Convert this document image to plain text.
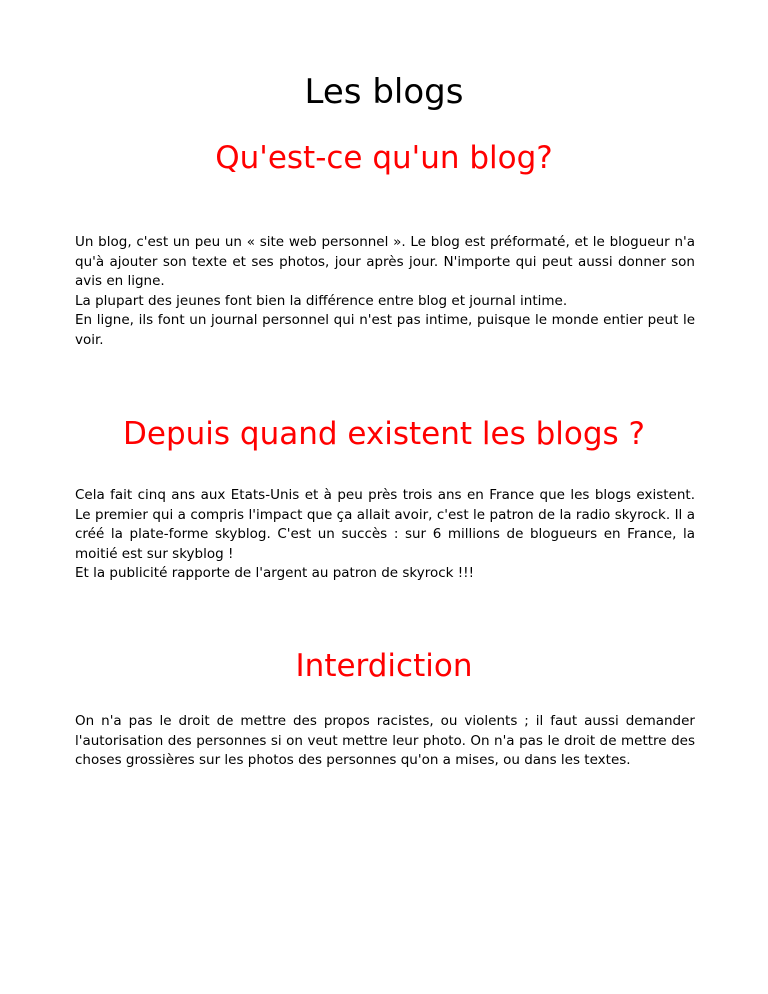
Les blogs
Qu'est-ce qu'un blog?

Un blog, c'est un peu un « site web personnel ». Le blog est préformaté, et le blogueur n'a qu'à ajouter son texte et ses photos, jour après jour. N'importe qui peut aussi donner son avis en ligne.

La plupart des jeunes font bien la différence entre blog et journal intime.

En ligne, ils font un journal personnel qui n'est pas intime, puisque le monde entier peut le voir.

Depuis quand existent les blogs ?

Cela fait cinq ans aux Etats-Unis et à peu près trois ans en France que les blogs existent. Le premier qui a compris l'impact que ça allait avoir, c'est le patron de la radio skyrock. Il a créé la plate-forme skyblog. C'est un succès : sur 6 millions de blogueurs en France, la moitié est sur skyblog !

Et la publicité rapporte de l'argent au patron de skyrock !!!

Interdiction

On n'a pas le droit de mettre des propos racistes, ou violents ; il faut aussi demander l'autorisation des personnes si on veut mettre leur photo. On n'a pas le droit de mettre des choses grossières sur les photos des personnes qu'on a mises, ou dans les textes.
